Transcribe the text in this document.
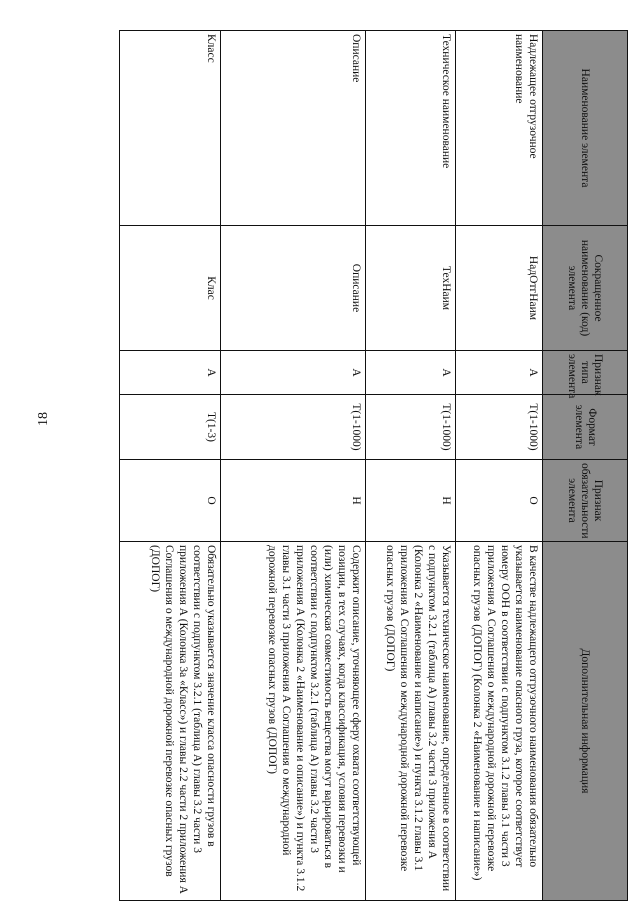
18
Наименование элемента	Сокращенное наименование (код) элемента	Признак типа элемента	Формат элемента	Признак обязательности элемента	Дополнительная информация
Надлежащее отгрузочное наименование	НадОтгНаим	А	T(1-1000)	О	В качестве надлежащего отгрузочного наименования обязательно указывается наименование опасного груза, которое соответствует номеру ООН в соответствии с подпунктом 3.1.2 главы 3.1 части 3 приложения А Соглашения о международной дорожной перевозке опасных грузов (ДОПОГ) (Колонка 2 «Наименование и написание»)
Техническое наименование	ТехНаим	А	T(1-1000)	Н	Указывается техническое наименование, определенное в соответствии с подпунктом 3.2.1 (таблица А) главы 3.2 части 3 приложения А (Колонка 2 «Наименование и написание») и пункта 3.1.2 главы 3.1 приложения А Соглашения о международной дорожной перевозке опасных грузов (ДОПОГ)
Описание	Описание	А	T(1-1000)	Н	Содержит описание, уточняющее сферу охвата соответствующей позиции, в тех случаях, когда классификация, условия перевозки и (или) химическая совместимость вещества могут варьироваться в соответствии с подпунктом 3.2.1 (таблица А) главы 3.2 части 3 приложения А (Колонка 2 «Наименование и описание») и пункта 3.1.2 главы 3.1 части 3 приложения А Соглашения о международной дорожной перевозке опасных грузов (ДОПОГ)
Класс	Клас	А	T(1-3)	О	Обязательно указывается значение класса опасности грузов в соответствии с подпунктом 3.2.1 (таблица А) главы 3.2 части 3 приложения А (Колонка 3а «Класс») и главы 2.2 части 2 приложения А Соглашения о международной дорожной перевозке опасных грузов (ДОПОГ)
